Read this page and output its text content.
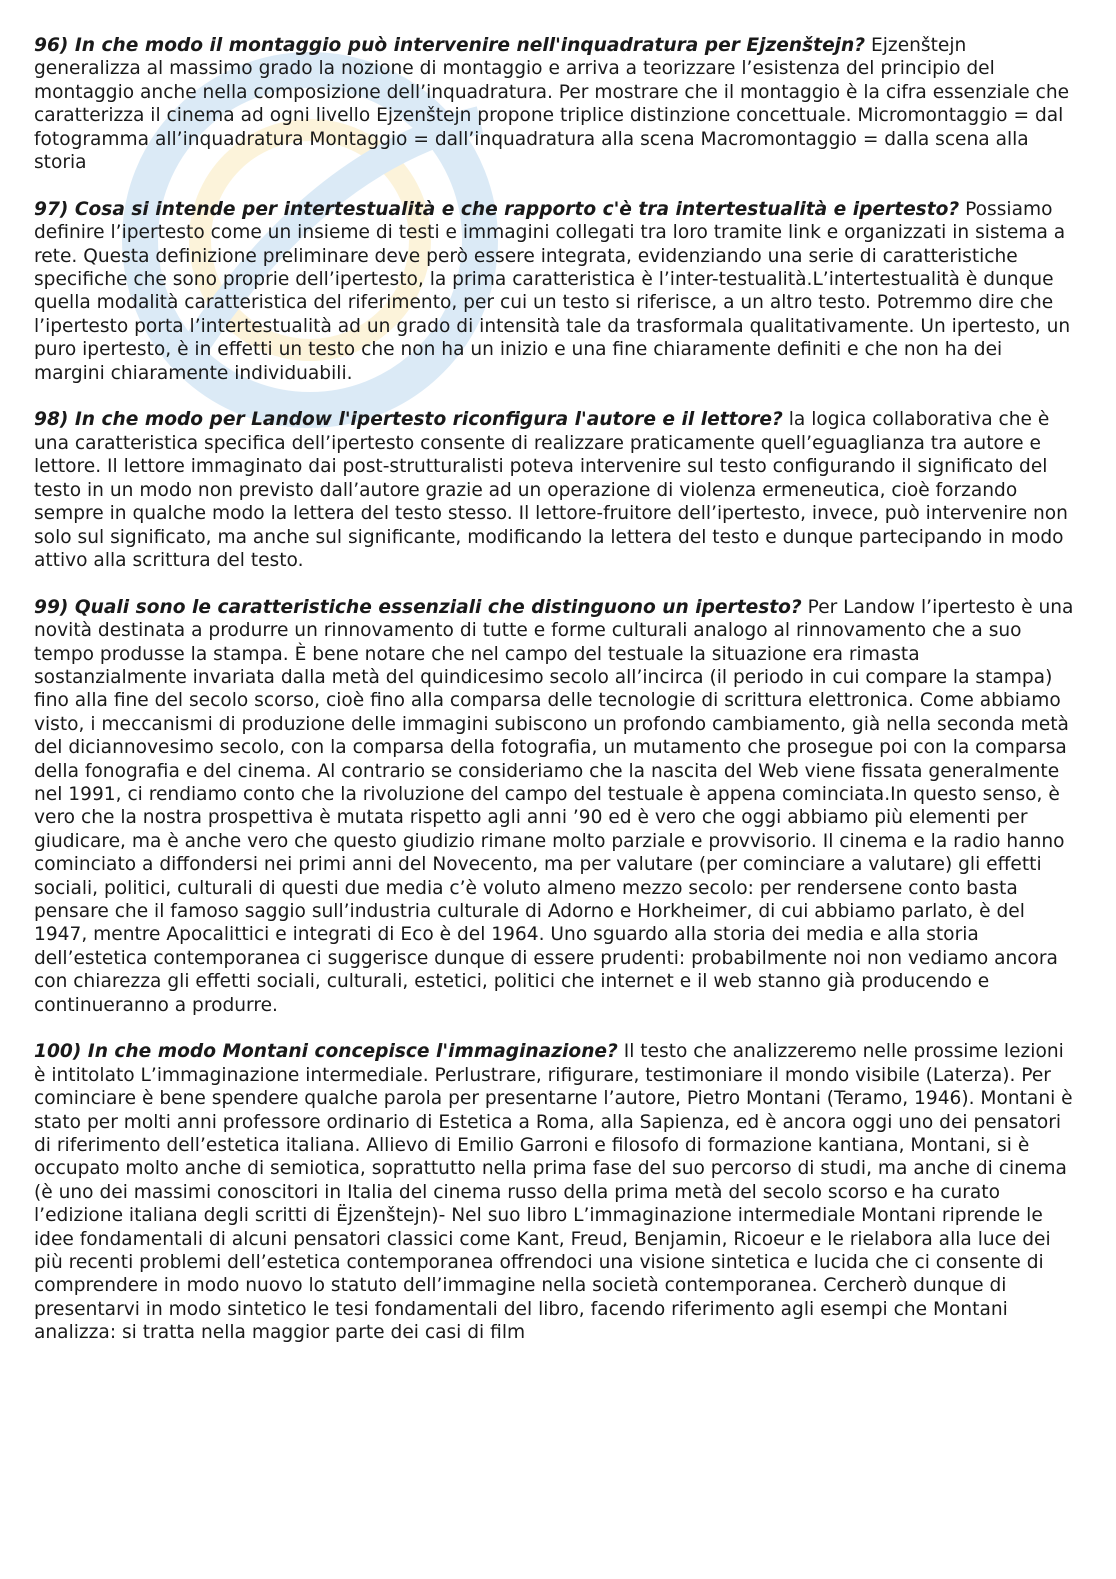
96) In che modo il montaggio può intervenire nell'inquadratura per Ejzenštejn? Ejzenštejn generalizza al massimo grado la nozione di montaggio e arriva a teorizzare l’esistenza del principio del montaggio anche nella composizione dell’inquadratura. Per mostrare che il montaggio è la cifra essenziale che caratterizza il cinema ad ogni livello Ejzenštejn propone triplice distinzione concettuale. Micromontaggio = dal fotogramma all’inquadratura Montaggio = dall’inquadratura alla scena Macromontaggio = dalla scena alla storia

97) Cosa si intende per intertestualità e che rapporto c'è tra intertestualità e ipertesto? Possiamo definire l’ipertesto come un insieme di testi e immagini collegati tra loro tramite link e organizzati in sistema a rete. Questa definizione preliminare deve però essere integrata, evidenziando una serie di caratteristiche specifiche che sono proprie dell’ipertesto, la prima caratteristica è l’inter-testualità.L’intertestualità è dunque quella modalità caratteristica del riferimento, per cui un testo si riferisce, a un altro testo. Potremmo dire che l’ipertesto porta l’intertestualità ad un grado di intensità tale da trasformala qualitativamente. Un ipertesto, un puro ipertesto, è in effetti un testo che non ha un inizio e una fine chiaramente definiti e che non ha dei margini chiaramente individuabili.

98) In che modo per Landow l'ipertesto riconfigura l'autore e il lettore? la logica collaborativa che è una caratteristica specifica dell’ipertesto consente di realizzare praticamente quell’eguaglianza tra autore e lettore. Il lettore immaginato dai post-strutturalisti poteva intervenire sul testo configurando il significato del testo in un modo non previsto dall’autore grazie ad un operazione di violenza ermeneutica, cioè forzando sempre in qualche modo la lettera del testo stesso. Il lettore-fruitore dell’ipertesto, invece, può intervenire non solo sul significato, ma anche sul significante, modificando la lettera del testo e dunque partecipando in modo attivo alla scrittura del testo.

99) Quali sono le caratteristiche essenziali che distinguono un ipertesto? Per Landow l’ipertesto è una novità destinata a produrre un rinnovamento di tutte e forme culturali analogo al rinnovamento che a suo tempo produsse la stampa. È bene notare che nel campo del testuale la situazione era rimasta sostanzialmente invariata dalla metà del quindicesimo secolo all’incirca (il periodo in cui compare la stampa) fino alla fine del secolo scorso, cioè fino alla comparsa delle tecnologie di scrittura elettronica. Come abbiamo visto, i meccanismi di produzione delle immagini subiscono un profondo cambiamento, già nella seconda metà del diciannovesimo secolo, con la comparsa della fotografia, un mutamento che prosegue poi con la comparsa della fonografia e del cinema. Al contrario se consideriamo che la nascita del Web viene fissata generalmente nel 1991, ci rendiamo conto che la rivoluzione del campo del testuale è appena cominciata.In questo senso, è vero che la nostra prospettiva è mutata rispetto agli anni ’90 ed è vero che oggi abbiamo più elementi per giudicare, ma è anche vero che questo giudizio rimane molto parziale e provvisorio. Il cinema e la radio hanno cominciato a diffondersi nei primi anni del Novecento, ma per valutare (per cominciare a valutare) gli effetti sociali, politici, culturali di questi due media c’è voluto almeno mezzo secolo: per rendersene conto basta pensare che il famoso saggio sull’industria culturale di Adorno e Horkheimer, di cui abbiamo parlato, è del 1947, mentre Apocalittici e integrati di Eco è del 1964. Uno sguardo alla storia dei media e alla storia dell’estetica contemporanea ci suggerisce dunque di essere prudenti: probabilmente noi non vediamo ancora con chiarezza gli effetti sociali, culturali, estetici, politici che internet e il web stanno già producendo e continueranno a produrre.

100) In che modo Montani concepisce l'immaginazione? Il testo che analizzeremo nelle prossime lezioni è intitolato L’immaginazione intermediale. Perlustrare, rifigurare, testimoniare il mondo visibile (Laterza). Per cominciare è bene spendere qualche parola per presentarne l’autore, Pietro Montani (Teramo, 1946). Montani è stato per molti anni professore ordinario di Estetica a Roma, alla Sapienza, ed è ancora oggi uno dei pensatori di riferimento dell’estetica italiana. Allievo di Emilio Garroni e filosofo di formazione kantiana, Montani, si è occupato molto anche di semiotica, soprattutto nella prima fase del suo percorso di studi, ma anche di cinema (è uno dei massimi conoscitori in Italia del cinema russo della prima metà del secolo scorso e ha curato l’edizione italiana degli scritti di Ëjzenštejn)- Nel suo libro L’immaginazione intermediale Montani riprende le idee fondamentali di alcuni pensatori classici come Kant, Freud, Benjamin, Ricoeur e le rielabora alla luce dei più recenti problemi dell’estetica contemporanea offrendoci una visione sintetica e lucida che ci consente di comprendere in modo nuovo lo statuto dell’immagine nella società contemporanea. Cercherò dunque di presentarvi in modo sintetico le tesi fondamentali del libro, facendo riferimento agli esempi che Montani analizza: si tratta nella maggior parte dei casi di film
